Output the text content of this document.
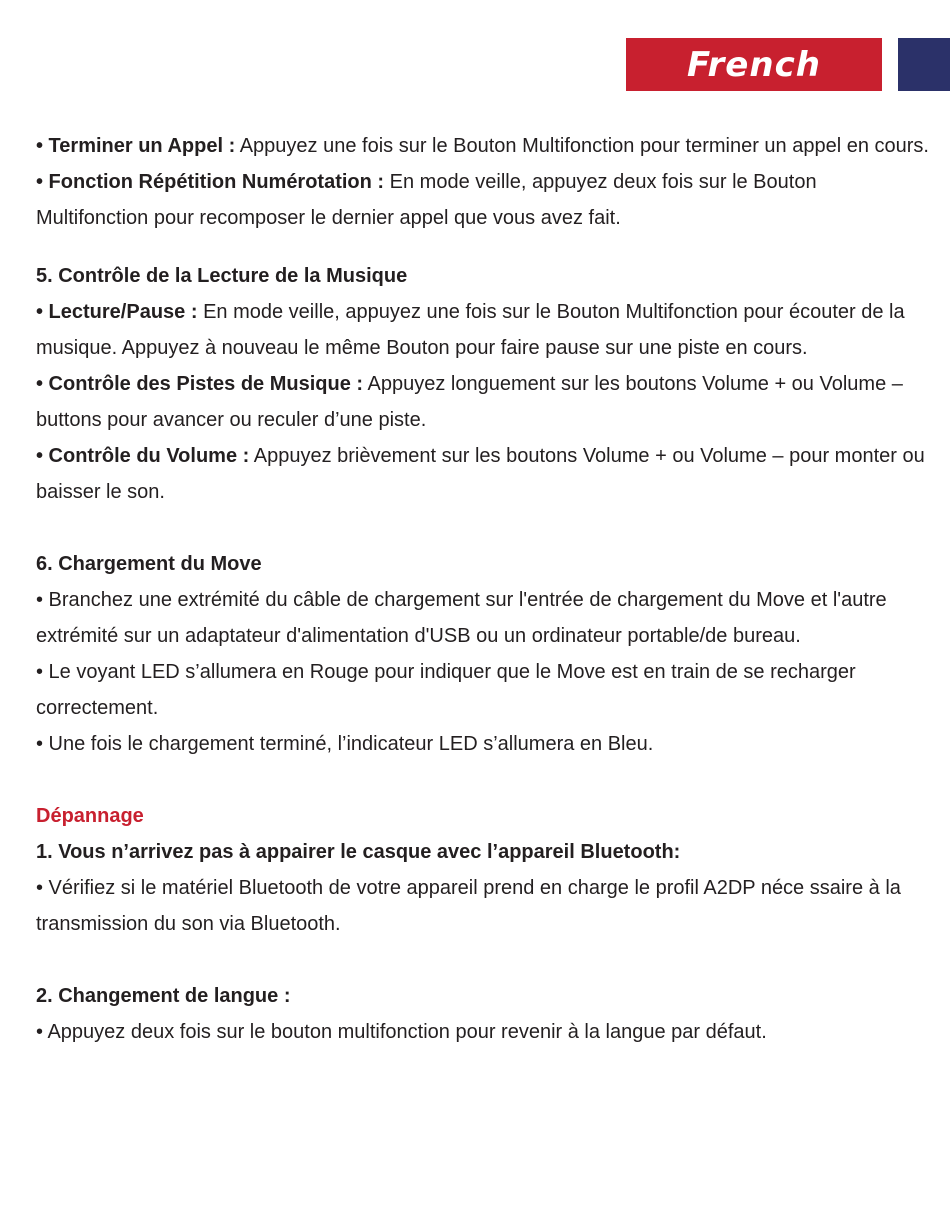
French

• Terminer un Appel : Appuyez une fois sur le Bouton Multifonction pour terminer un appel en cours.

• Fonction Répétition Numérotation : En mode veille, appuyez deux fois sur le Bouton Multifonction pour recomposer le dernier appel que vous avez fait.

5. Contrôle de la Lecture de la Musique

• Lecture/Pause : En mode veille, appuyez une fois sur le Bouton Multifonction pour écouter de la musique. Appuyez à nouveau le même Bouton pour faire pause sur une piste en cours.

• Contrôle des Pistes de Musique : Appuyez longuement sur les boutons Volume + ou Volume – buttons pour avancer ou reculer d’une piste.

• Contrôle du Volume : Appuyez brièvement sur les boutons Volume + ou Volume – pour monter ou baisser le son.

6. Chargement du Move

• Branchez une extrémité du câble de chargement sur l'entrée de chargement du Move et l'autre extrémité sur un adaptateur d'alimentation d'USB ou un ordinateur portable/de bureau.

• Le voyant LED s’allumera en Rouge pour indiquer que le Move est en train de se recharger correctement.

• Une fois le chargement terminé, l’indicateur LED s’allumera en Bleu.

Dépannage

1. Vous n’arrivez pas à appairer le casque avec l’appareil Bluetooth:

• Vérifiez si le matériel Bluetooth de votre appareil prend en charge le profil A2DP néce ssaire à la transmission du son via Bluetooth.

2. Changement de langue :

• Appuyez deux fois sur le bouton multifonction pour revenir à la langue par défaut.
